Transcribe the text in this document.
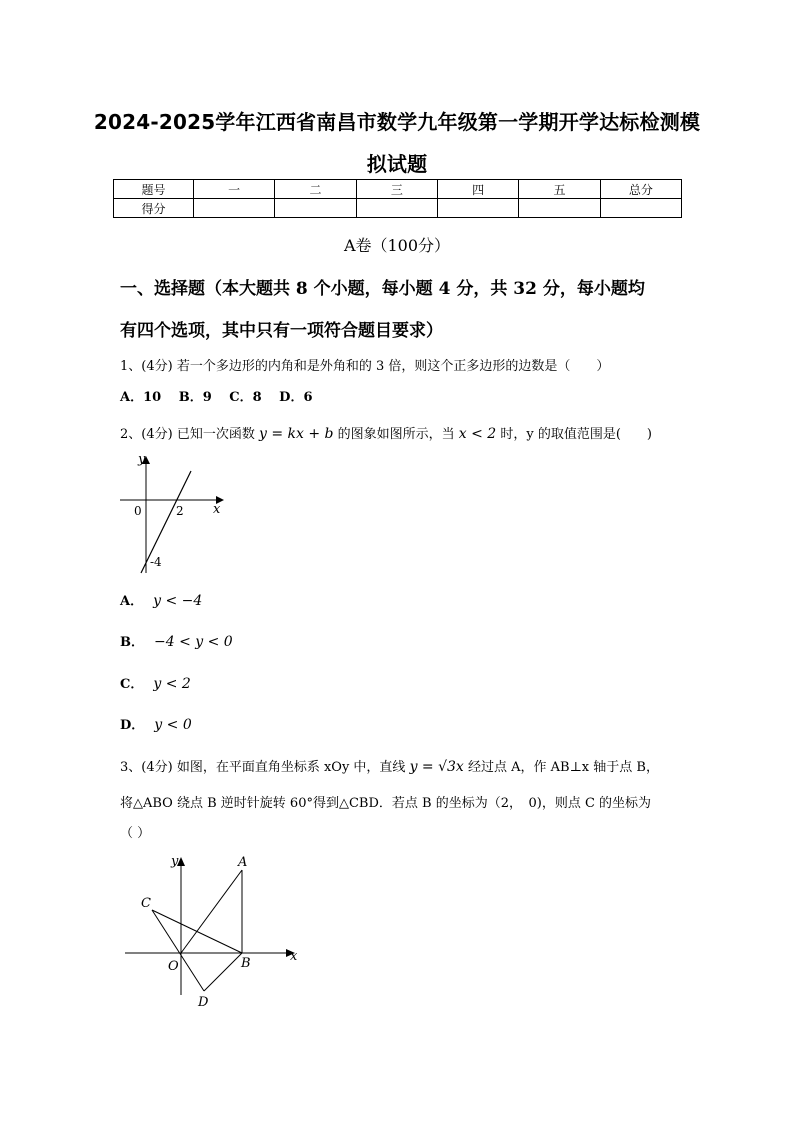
2024-2025学年江西省南昌市数学九年级第一学期开学达标检测模
拟试题
题号	一	二	三	四	五	总分
得分						
A卷（100分）
一、选择题（本大题共 8 个小题，每小题 4 分，共 32 分，每小题均
有四个选项，其中只有一项符合题目要求）
1、(4分) 若一个多边形的内角和是外角和的 3 倍，则这个正多边形的边数是（　　）
A．10　 B．9　 C．8　 D．6
2、(4分) 已知一次函数 y = kx + b 的图象如图所示，当 x < 2 时，y 的取值范围是(　　)
y
x
0	2
-4
A． y < −4
B． −4 < y < 0
C． y < 2
D． y < 0
3、(4分) 如图，在平面直角坐标系 xOy 中，直线 y = √3x 经过点 A，作 AB⊥x 轴于点 B，
将△ABO 绕点 B 逆时针旋转 60°得到△CBD．若点 B 的坐标为（2，　0)，则点 C 的坐标为
（ ）
y
x
A
B
C
D
O
